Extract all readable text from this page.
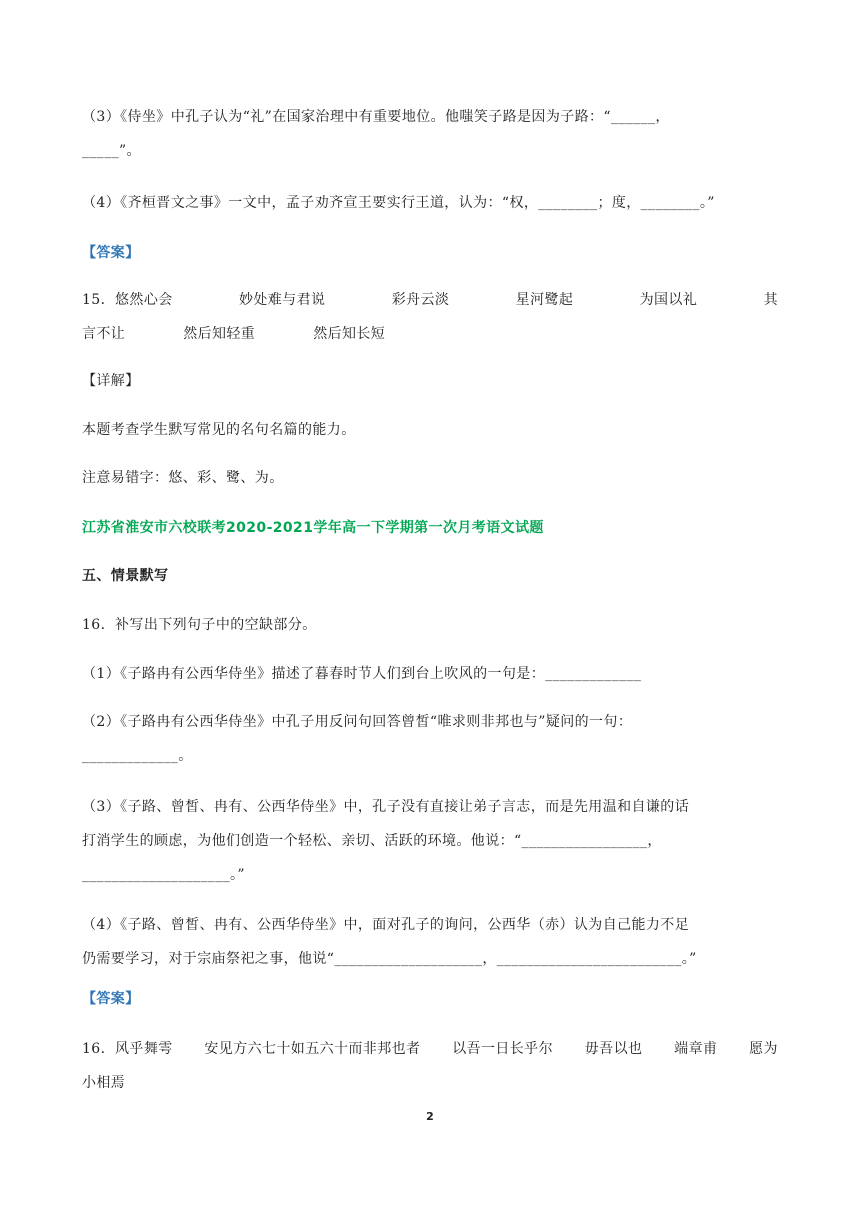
（3）《侍坐》中孔子认为“礼”在国家治理中有重要地位。他嗤笑子路是因为子路：“______，
_____”。
（4）《齐桓晋文之事》一文中，孟子劝齐宣王要实行王道，认为：“权，________；度，________。”
【答案】
15．悠然心会	妙处难与君说	彩舟云淡	星河鹭起	为国以礼	其
言不让	然后知轻重	然后知长短
【详解】
本题考查学生默写常见的名句名篇的能力。
注意易错字：悠、彩、鹭、为。
江苏省淮安市六校联考2020-2021学年高一下学期第一次月考语文试题
五、情景默写
16．补写出下列句子中的空缺部分。
（1）《子路冉有公西华侍坐》描述了暮春时节人们到台上吹风的一句是：_____________
（2）《子路冉有公西华侍坐》中孔子用反问句回答曾皙“唯求则非邦也与”疑问的一句：
_____________。
（3）《子路、曾皙、冉有、公西华侍坐》中，孔子没有直接让弟子言志，而是先用温和自谦的话
打消学生的顾虑，为他们创造一个轻松、亲切、活跃的环境。他说：“_________________，
____________________。”
（4）《子路、曾皙、冉有、公西华侍坐》中，面对孔子的询问，公西华（赤）认为自己能力不足
仍需要学习，对于宗庙祭祀之事，他说“____________________，_________________________。”
【答案】
16．风乎舞雩 安见方六七十如五六十而非邦也者 以吾一日长乎尔 毋吾以也 端章甫 愿为
小相焉
2
